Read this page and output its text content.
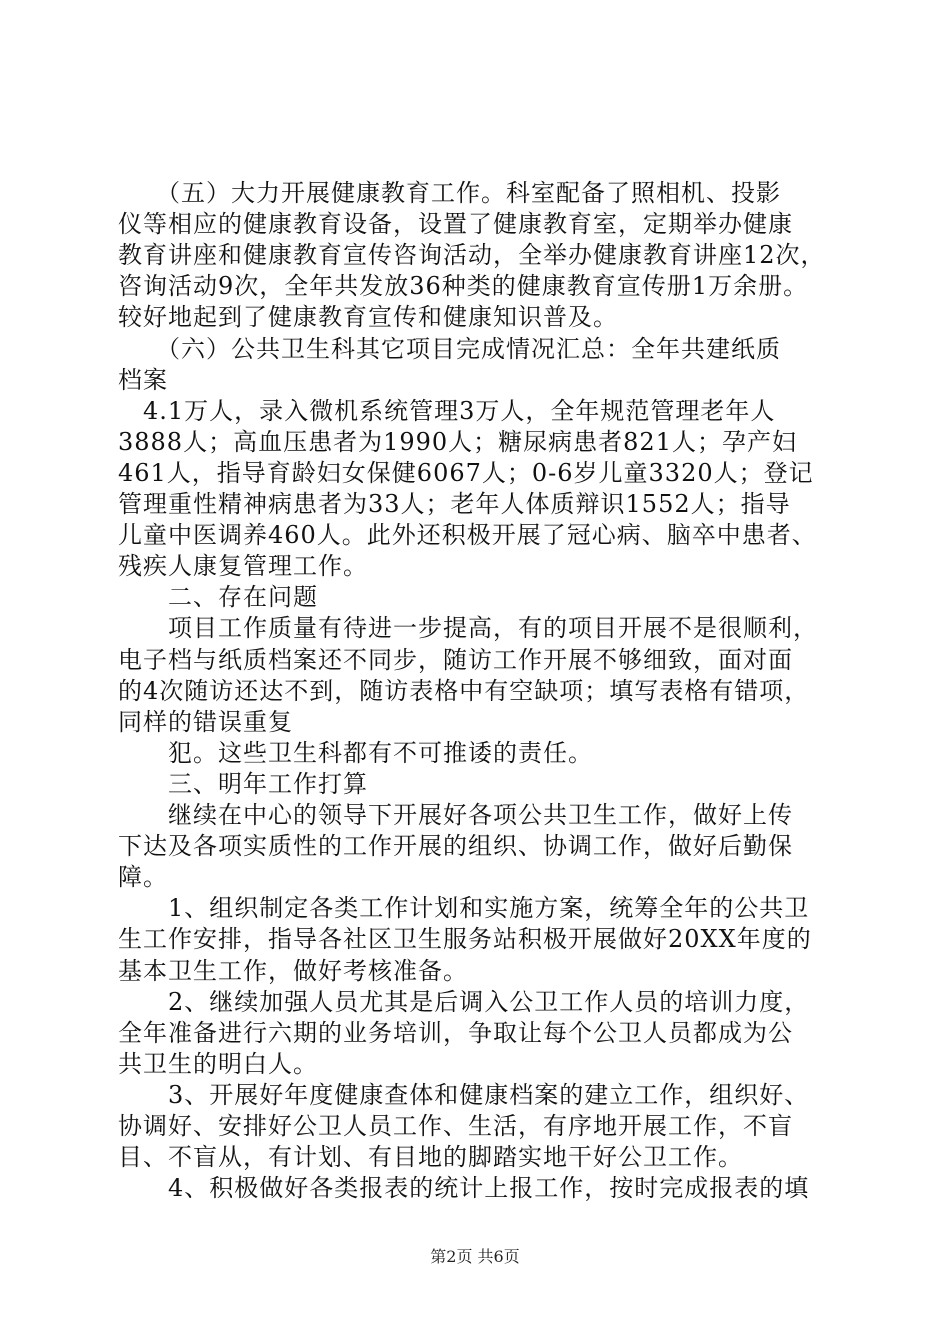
　　（五）大力开展健康教育工作。科室配备了照相机、投影
仪等相应的健康教育设备，设置了健康教育室，定期举办健康
教育讲座和健康教育宣传咨询活动，全举办健康教育讲座12次，
咨询活动9次，全年共发放36种类的健康教育宣传册1万余册。
较好地起到了健康教育宣传和健康知识普及。
　　（六）公共卫生科其它项目完成情况汇总：全年共建纸质
档案
　4.1万人，录入微机系统管理3万人，全年规范管理老年人
3888人；高血压患者为1990人；糖尿病患者821人；孕产妇
461人，指导育龄妇女保健6067人；0-6岁儿童3320人；登记
管理重性精神病患者为33人；老年人体质辩识1552人；指导
儿童中医调养460人。此外还积极开展了冠心病、脑卒中患者、
残疾人康复管理工作。
　　二、存在问题
　　项目工作质量有待进一步提高，有的项目开展不是很顺利，
电子档与纸质档案还不同步，随访工作开展不够细致，面对面
的4次随访还达不到，随访表格中有空缺项；填写表格有错项，
同样的错误重复
　　犯。这些卫生科都有不可推诿的责任。
　　三、明年工作打算
　　继续在中心的领导下开展好各项公共卫生工作，做好上传
下达及各项实质性的工作开展的组织、协调工作，做好后勤保
障。
　　1、组织制定各类工作计划和实施方案，统筹全年的公共卫
生工作安排，指导各社区卫生服务站积极开展做好20XX年度的
基本卫生工作，做好考核准备。
　　2、继续加强人员尤其是后调入公卫工作人员的培训力度，
全年准备进行六期的业务培训，争取让每个公卫人员都成为公
共卫生的明白人。
　　3、开展好年度健康查体和健康档案的建立工作，组织好、
协调好、安排好公卫人员工作、生活，有序地开展工作，不盲
目、不盲从，有计划、有目地的脚踏实地干好公卫工作。
　　4、积极做好各类报表的统计上报工作，按时完成报表的填
第2页 共6页
